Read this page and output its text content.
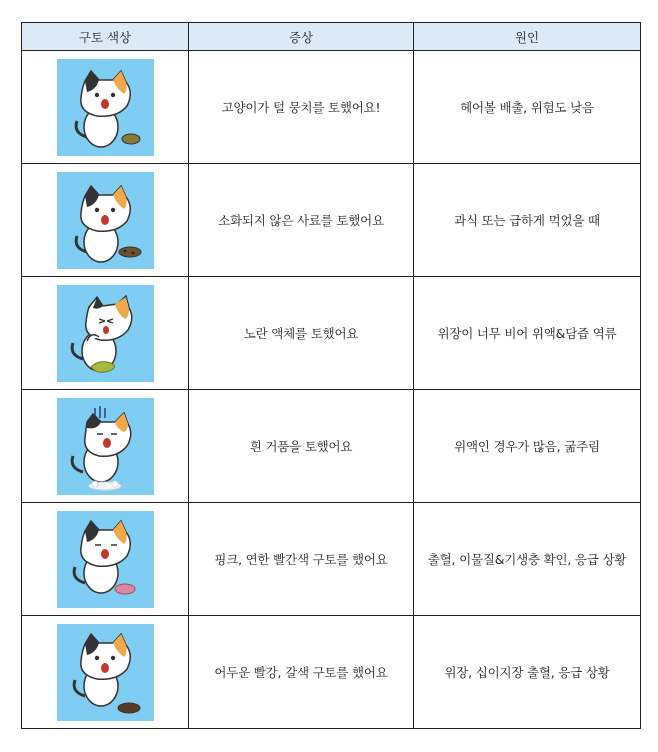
구토 색상	증상	원인

	고양이가 털 뭉치를 토했어요!	헤어볼 배출, 위험도 낮음

	소화되지 않은 사료를 토했어요	과식 또는 급하게 먹었을 때

	노란 액체를 토했어요	위장이 너무 비어 위액&담즙 역류

	흰 거품을 토했어요	위액인 경우가 많음, 굶주림

	핑크, 연한 빨간색 구토를 했어요	출혈, 이물질&기생충 확인, 응급 상황

	어두운 빨강, 갈색 구토를 했어요	위장, 십이지장 출혈, 응급 상황
